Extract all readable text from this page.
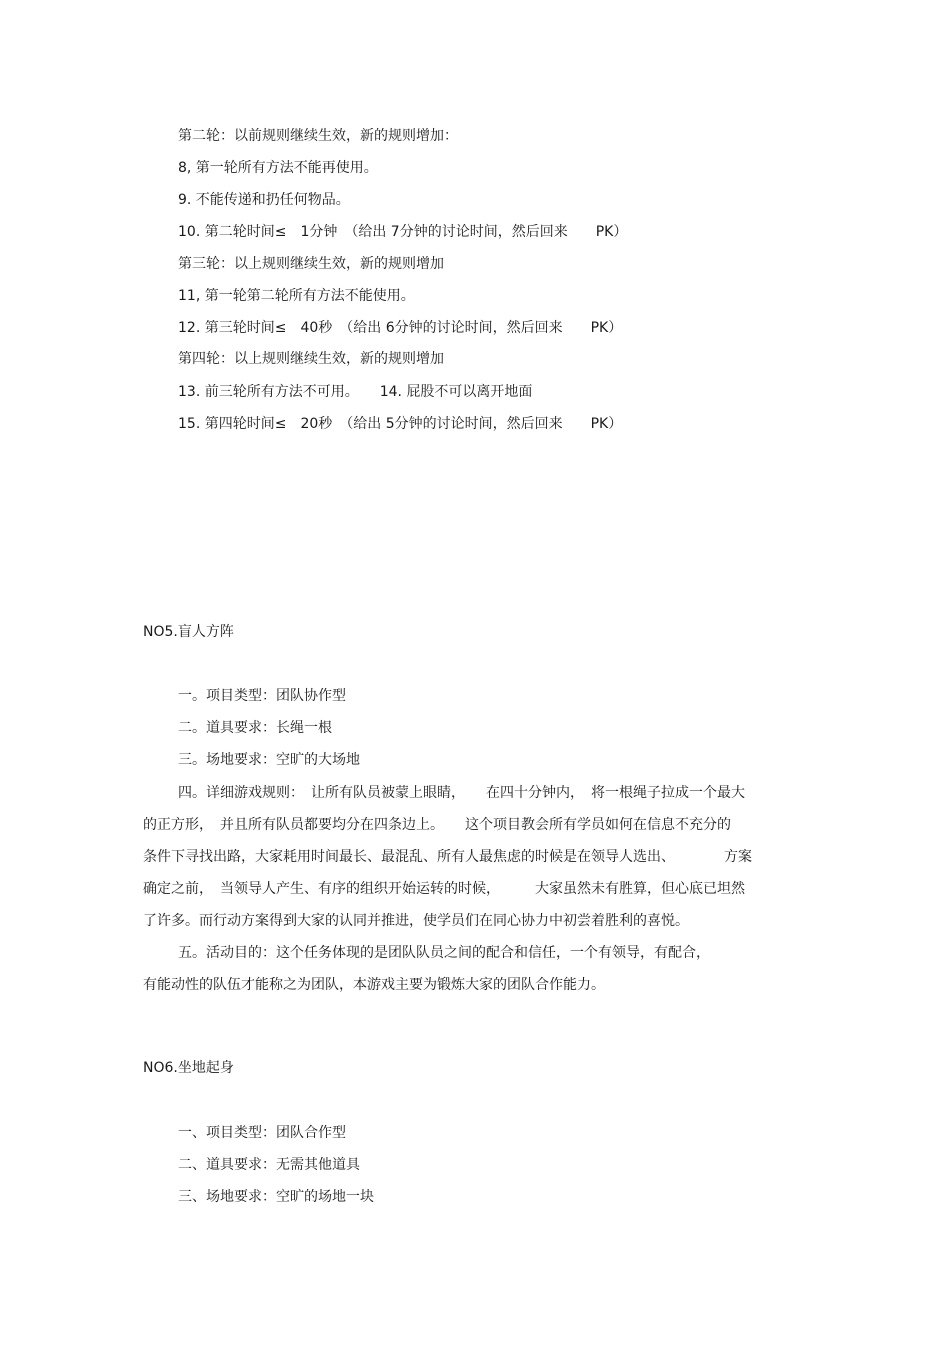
第二轮：以前规则继续生效，新的规则增加：
8, 第一轮所有方法不能再使用。
9. 不能传递和扔任何物品。
10. 第二轮时间≤　1分钟　（给出 7分钟的讨论时间，然后回来　　PK）
第三轮：以上规则继续生效，新的规则增加
11, 第一轮第二轮所有方法不能使用。
12. 第三轮时间≤　40秒　（给出 6分钟的讨论时间，然后回来　　PK）
第四轮：以上规则继续生效，新的规则增加
13. 前三轮所有方法不可用。　　14. 屁股不可以离开地面
15. 第四轮时间≤　20秒　（给出 5分钟的讨论时间，然后回来　　PK）
NO5.盲人方阵
一。项目类型：团队协作型
二。道具要求：长绳一根
三。场地要求：空旷的大场地
四。详细游戏规则：　让所有队员被蒙上眼睛，　　在四十分钟内，　将一根绳子拉成一个最大
的正方形，　并且所有队员都要均分在四条边上。　　这个项目教会所有学员如何在信息不充分的
条件下寻找出路，大家耗用时间最长、最混乱、所有人最焦虑的时候是在领导人选出、　　　　方案
确定之前，　当领导人产生、有序的组织开始运转的时候，　　　大家虽然未有胜算，但心底已坦然
了许多。而行动方案得到大家的认同并推进，使学员们在同心协力中初尝着胜利的喜悦。
五。活动目的：这个任务体现的是团队队员之间的配合和信任，一个有领导，有配合，
有能动性的队伍才能称之为团队，本游戏主要为锻炼大家的团队合作能力。
NO6.坐地起身
一、项目类型：团队合作型
二、道具要求：无需其他道具
三、场地要求：空旷的场地一块
